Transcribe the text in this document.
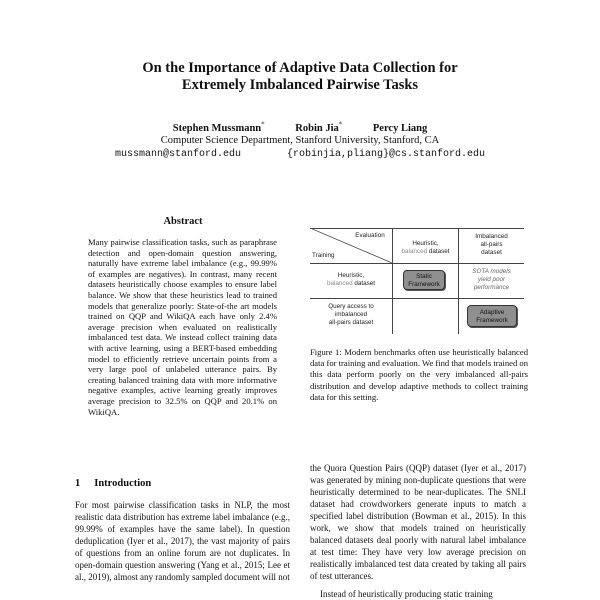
On the Importance of Adaptive Data Collection for
Extremely Imbalanced Pairwise Tasks
Stephen Mussmann*	Robin Jia*	Percy Liang
Computer Science Department, Stanford University, Stanford, CA
mussmann@stanford.edu	{robinjia,pliang}@cs.stanford.edu
Abstract
Many pairwise classification tasks, such as paraphrase detection and open-domain question answering, naturally have extreme label imbalance (e.g., 99.99% of examples are negatives). In contrast, many recent datasets heuristically choose examples to ensure label balance. We show that these heuristics lead to trained models that generalize poorly: State-of-the art models trained on QQP and WikiQA each have only 2.4% average precision when evaluated on realistically imbalanced test data. We instead collect training data with active learning, using a BERT-based embedding model to efficiently retrieve uncertain points from a very large pool of unlabeled utterance pairs. By creating balanced training data with more informative negative examples, active learning greatly improves average precision to 32.5% on QQP and 20.1% on WikiQA.
Evaluation
Training
Heuristic,
balanced dataset
Imbalanced
all-pairs
dataset
Heuristic,
balanced dataset
Query access to
imbalanced
all-pairs dataset
Static
Framework
SOTA models
yield poor
performance
Adaptive
Framework
Figure 1: Modern benchmarks often use heuristically balanced data for training and evaluation. We find that models trained on this data perform poorly on the very imbalanced all-pairs distribution and develop adaptive methods to collect training data for this setting.
1 Introduction
For most pairwise classification tasks in NLP, the most realistic data distribution has extreme label imbalance (e.g., 99.99% of examples have the same label). In question deduplication (Iyer et al., 2017), the vast majority of pairs of questions from an online forum are not duplicates. In open-domain question answering (Yang et al., 2015; Lee et al., 2019), almost any randomly sampled document will not

the Quora Question Pairs (QQP) dataset (Iyer et al., 2017) was generated by mining non-duplicate questions that were heuristically determined to be near-duplicates. The SNLI dataset had crowdworkers generate inputs to match a specified label distribution (Bowman et al., 2015). In this work, we show that models trained on heuristically balanced datasets deal poorly with natural label imbalance at test time: They have very low average precision on realistically imbalanced test data created by taking all pairs of test utterances.

Instead of heuristically producing static training
